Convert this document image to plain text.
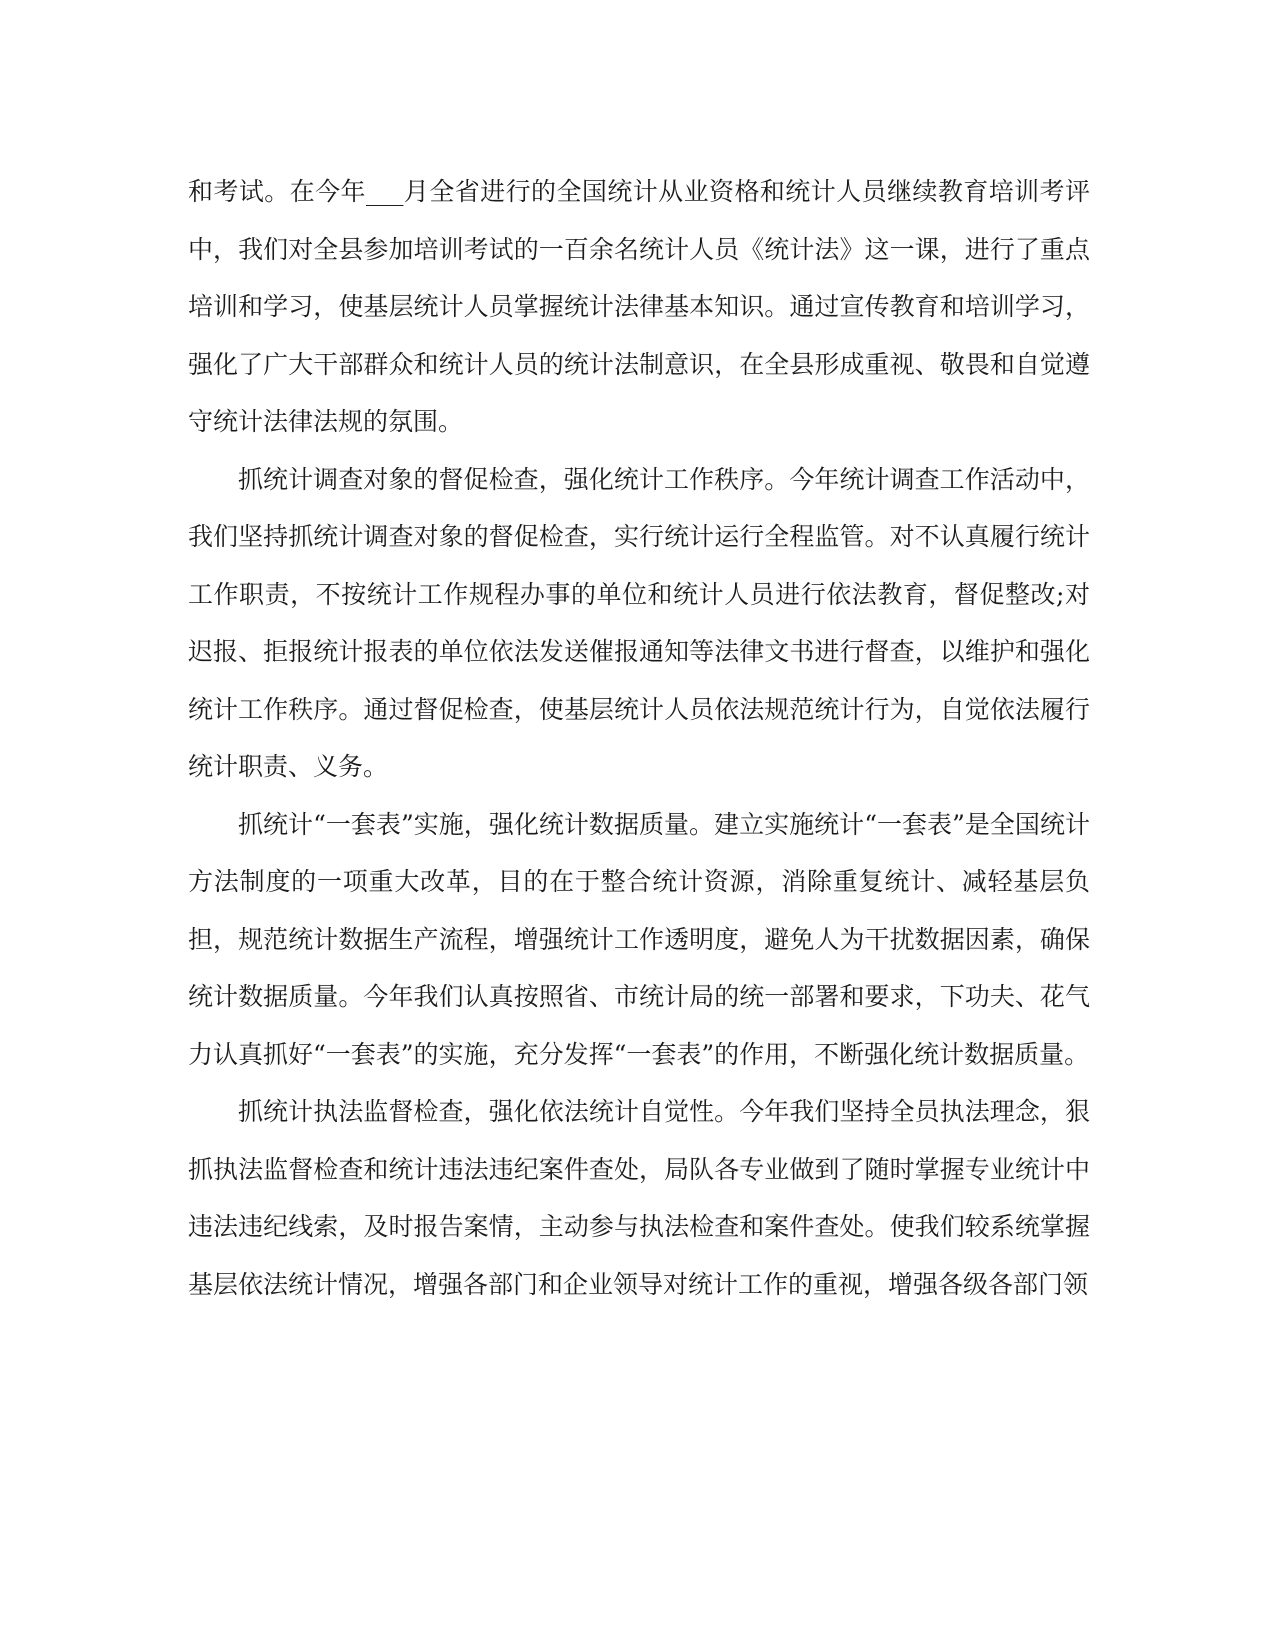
和考试。在今年___月全省进行的全国统计从业资格和统计人员继续教育培训考评中，我们对全县参加培训考试的一百余名统计人员《统计法》这一课，进行了重点培训和学习，使基层统计人员掌握统计法律基本知识。通过宣传教育和培训学习，强化了广大干部群众和统计人员的统计法制意识，在全县形成重视、敬畏和自觉遵守统计法律法规的氛围。

抓统计调查对象的督促检查，强化统计工作秩序。今年统计调查工作活动中，我们坚持抓统计调查对象的督促检查，实行统计运行全程监管。对不认真履行统计工作职责，不按统计工作规程办事的单位和统计人员进行依法教育，督促整改;对迟报、拒报统计报表的单位依法发送催报通知等法律文书进行督查，以维护和强化统计工作秩序。通过督促检查，使基层统计人员依法规范统计行为，自觉依法履行统计职责、义务。

抓统计“一套表”实施，强化统计数据质量。建立实施统计“一套表”是全国统计方法制度的一项重大改革，目的在于整合统计资源，消除重复统计、减轻基层负担，规范统计数据生产流程，增强统计工作透明度，避免人为干扰数据因素，确保统计数据质量。今年我们认真按照省、市统计局的统一部署和要求，下功夫、花气力认真抓好“一套表”的实施，充分发挥“一套表”的作用，不断强化统计数据质量。

抓统计执法监督检查，强化依法统计自觉性。今年我们坚持全员执法理念，狠抓执法监督检查和统计违法违纪案件查处，局队各专业做到了随时掌握专业统计中违法违纪线索，及时报告案情，主动参与执法检查和案件查处。使我们较系统掌握基层依法统计情况，增强各部门和企业领导对统计工作的重视，增强各级各部门领
